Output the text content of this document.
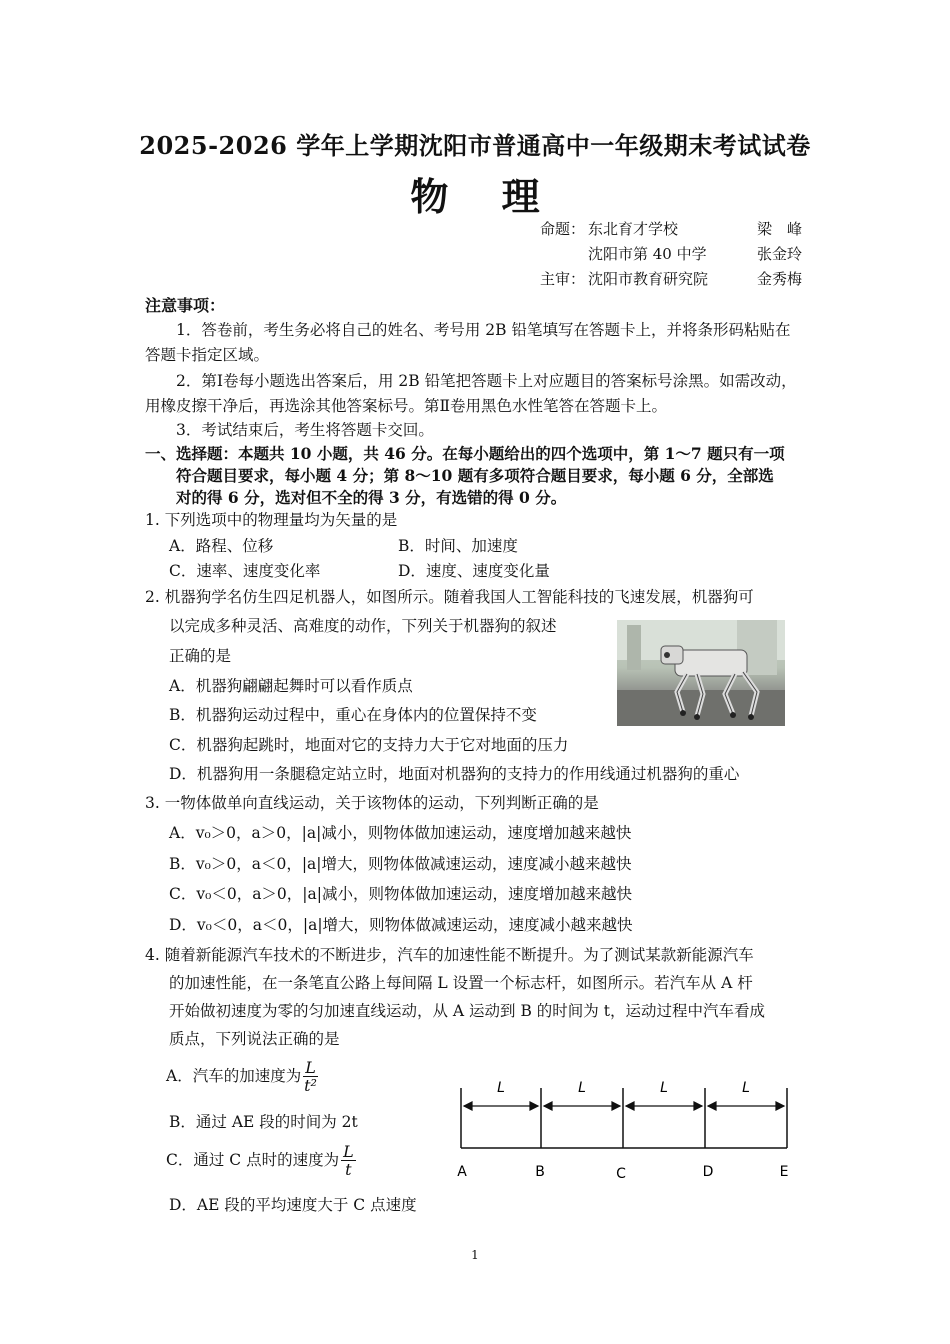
2025-2026 学年上学期沈阳市普通高中一年级期末考试试卷
物 理
命题： 东北育才学校	梁　峰
沈阳市第 40 中学	张金玲
主审： 沈阳市教育研究院	金秀梅
注意事项：
1．答卷前，考生务必将自己的姓名、考号用 2B 铅笔填写在答题卡上，并将条形码粘贴在
答题卡指定区域。
2．第Ⅰ卷每小题选出答案后，用 2B 铅笔把答题卡上对应题目的答案标号涂黑。如需改动，
用橡皮擦干净后，再选涂其他答案标号。第Ⅱ卷用黑色水性笔答在答题卡上。
3．考试结束后，考生将答题卡交回。
一、选择题：本题共 10 小题，共 46 分。在每小题给出的四个选项中，第 1～7 题只有一项
符合题目要求，每小题 4 分；第 8～10 题有多项符合题目要求，每小题 6 分，全部选
对的得 6 分，选对但不全的得 3 分，有选错的得 0 分。
1. 下列选项中的物理量均为矢量的是
A．路程、位移	B．时间、加速度
C．速率、速度变化率	D．速度、速度变化量
2. 机器狗学名仿生四足机器人，如图所示。随着我国人工智能科技的飞速发展，机器狗可
以完成多种灵活、高难度的动作，下列关于机器狗的叙述
正确的是
A．机器狗翩翩起舞时可以看作质点
B．机器狗运动过程中，重心在身体内的位置保持不变
C．机器狗起跳时，地面对它的支持力大于它对地面的压力
D．机器狗用一条腿稳定站立时，地面对机器狗的支持力的作用线通过机器狗的重心
3. 一物体做单向直线运动，关于该物体的运动，下列判断正确的是
A．v₀＞0，a＞0，|a|减小，则物体做加速运动，速度增加越来越快
B．v₀＞0，a＜0，|a|增大，则物体做减速运动，速度减小越来越快
C．v₀＜0，a＞0，|a|减小，则物体做加速运动，速度增加越来越快
D．v₀＜0，a＜0，|a|增大，则物体做减速运动，速度减小越来越快
4. 随着新能源汽车技术的不断进步，汽车的加速性能不断提升。为了测试某款新能源汽车
的加速性能，在一条笔直公路上每间隔 L 设置一个标志杆，如图所示。若汽车从 A 杆
开始做初速度为零的匀加速直线运动，从 A 运动到 B 的时间为 t，运动过程中汽车看成
质点，下列说法正确的是
A．汽车的加速度为 $\frac{L}{\text{t²}}$
B．通过 AE 段的时间为 2t
C．通过 C 点时的速度为 $\frac{L}{t}$
D．AE 段的平均速度大于 C 点速度
L	L	L	L
A	B	C	D	E
1
